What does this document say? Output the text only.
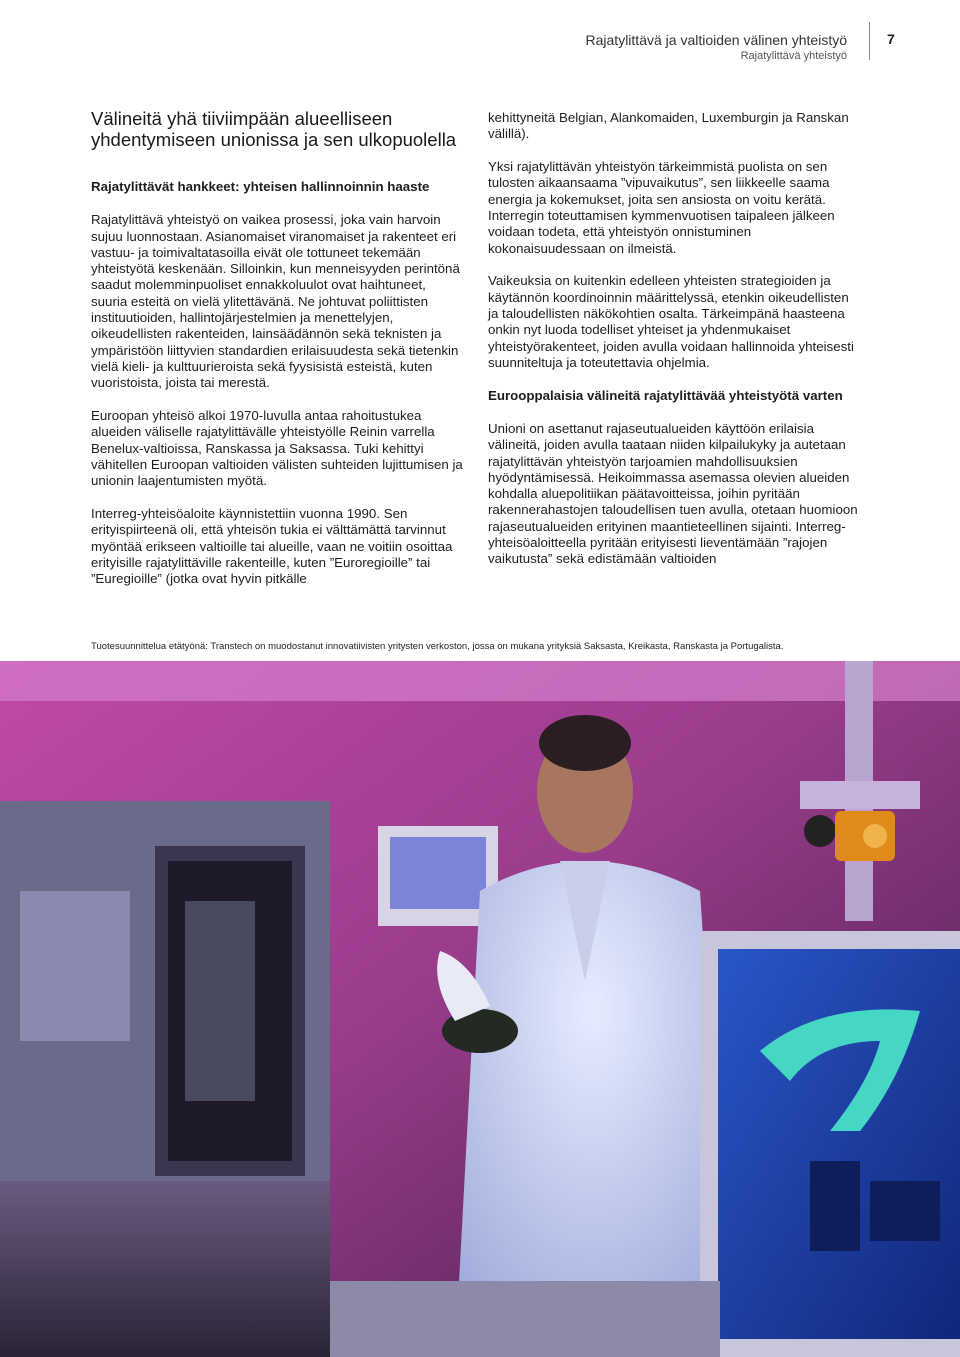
Rajatylittävä ja valtioiden välinen yhteistyö
Rajatylittävä yhteistyö
7
Välineitä yhä tiiviimpään alueelliseen
yhdentymiseen unionissa ja sen ulkopuolella
Rajatylittävät hankkeet: yhteisen hallinnoinnin haaste

Rajatylittävä yhteistyö on vaikea prosessi, joka vain harvoin sujuu luonnostaan. Asianomaiset viranomaiset ja rakenteet eri vastuu- ja toimivaltatasoilla eivät ole tottuneet tekemään yhteistyötä keskenään. Silloinkin, kun menneisyyden perintönä saadut molemminpuoliset ennakkoluulot ovat haihtuneet, suuria esteitä on vielä ylitettävänä. Ne johtuvat poliittisten instituutioiden, hallintojärjestelmien ja menettelyjen, oikeudellisten rakenteiden, lainsäädännön sekä teknisten ja ympäristöön liittyvien standardien erilaisuudesta sekä tietenkin vielä kieli- ja kulttuurieroista sekä fyysisistä esteistä, kuten vuoristoista, joista tai merestä.

Euroopan yhteisö alkoi 1970-luvulla antaa rahoitustukea alueiden väliselle rajatylittävälle yhteistyölle Reinin varrella Benelux-valtioissa, Ranskassa ja Saksassa. Tuki kehittyi vähitellen Euroopan valtioiden välisten suhteiden lujittumisen ja unionin laajentumisten myötä.

Interreg-yhteisöaloite käynnistettiin vuonna 1990. Sen erityispiirteenä oli, että yhteisön tukia ei välttämättä tarvinnut myöntää erikseen valtioille tai alueille, vaan ne voitiin osoittaa erityisille rajatylittäville rakenteille, kuten ”Euroregioille” tai ”Euregioille” (jotka ovat hyvin pitkälle

kehittyneitä Belgian, Alankomaiden, Luxemburgin ja Ranskan välillä).

Yksi rajatylittävän yhteistyön tärkeimmistä puolista on sen tulosten aikaansaama ”vipuvaikutus”, sen liikkeelle saama energia ja kokemukset, joita sen ansiosta on voitu kerätä. Interregin toteuttamisen kymmenvuotisen taipaleen jälkeen voidaan todeta, että yhteistyön onnistuminen kokonaisuudessaan on ilmeistä.

Vaikeuksia on kuitenkin edelleen yhteisten strategioiden ja käytännön koordinoinnin määrittelyssä, etenkin oikeudellisten ja taloudellisten näkökohtien osalta. Tärkeimpänä haasteena onkin nyt luoda todelliset yhteiset ja yhdenmukaiset yhteistyörakenteet, joiden avulla voidaan hallinnoida yhteisesti suunniteltuja ja toteutettavia ohjelmia.

Eurooppalaisia välineitä rajatylittävää yhteistyötä varten

Unioni on asettanut rajaseutualueiden käyttöön erilaisia välineitä, joiden avulla taataan niiden kilpailukyky ja autetaan rajatylittävän yhteistyön tarjoamien mahdollisuuksien hyödyntämisessä. Heikoimmassa asemassa olevien alueiden kohdalla aluepolitiikan päätavoitteissa, joihin pyritään rakennerahastojen taloudellisen tuen avulla, otetaan huomioon rajaseutualueiden erityinen maantieteellinen sijainti. Interreg-yhteisöaloitteella pyritään erityisesti lieventämään ”rajojen vaikutusta” sekä edistämään valtioiden

Tuotesuunnittelua etätyönä: Transtech on muodostanut innovatiivisten yritysten verkoston, jossa on mukana yrityksiä Saksasta, Kreikasta, Ranskasta ja Portugalista.
